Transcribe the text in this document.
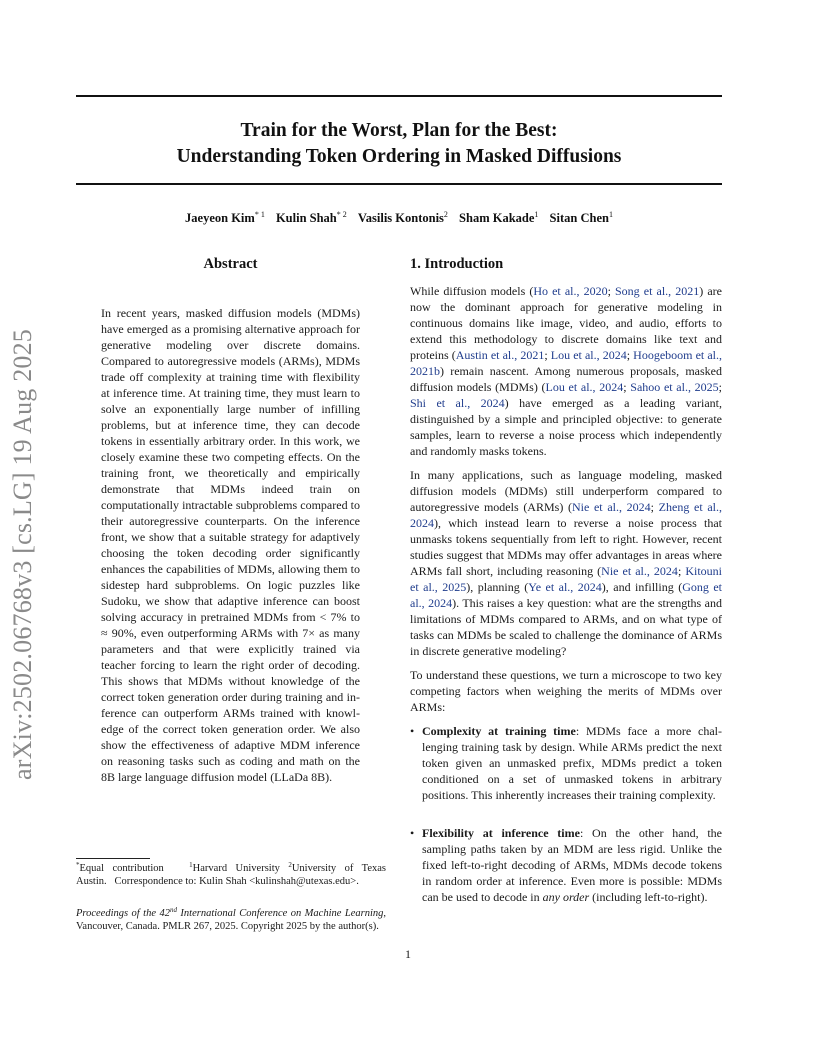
arXiv:2502.06768v3 [cs.LG] 19 Aug 2025
Train for the Worst, Plan for the Best:
Understanding Token Ordering in Masked Diffusions
Jaeyeon Kim$^{* 1}$ Kulin Shah$^{* 2}$ Vasilis Kontonis$^2$ Sham Kakade$^1$ Sitan Chen$^1$
Abstract
In recent years, masked diffusion models (MDMs) have emerged as a promising alternative approach for generative modeling over discrete domains. Compared to autoregressive models (ARMs), MDMs trade off complexity at training time with flexibility at inference time. At training time, they must learn to solve an exponentially large number of infilling problems, but at inference time, they can decode tokens in essentially arbitrary order. In this work, we closely examine these two competing effects. On the training front, we theoretically and empirically demonstrate that MDMs indeed train on computationally intractable subproblems compared to their autoregressive counterparts. On the inference front, we show that a suitable strategy for adaptively choosing the token decoding order significantly enhances the capabilities of MDMs, allowing them to sidestep hard subproblems. On logic puzzles like Sudoku, we show that adaptive inference can boost solving accuracy in pretrained MDMs from < 7% to ≈ 90%, even outperforming ARMs with 7× as many parameters and that were explicitly trained via teacher forcing to learn the right order of decoding. This shows that MDMs without knowledge of the correct token generation order during training and inference can outperform ARMs trained with knowledge of the correct token generation order. We also show the effectiveness of adaptive MDM inference on reasoning tasks such as coding and math on the 8B large language diffusion model (LLaDa 8B).
1. Introduction

While diffusion models (Ho et al., 2020; Song et al., 2021) are now the dominant approach for generative modeling in continuous domains like image, video, and audio, efforts to extend this methodology to discrete domains like text and proteins (Austin et al., 2021; Lou et al., 2024; Hoogeboom et al., 2021b) remain nascent. Among numerous proposals, masked diffusion models (MDMs) (Lou et al., 2024; Sahoo et al., 2025; Shi et al., 2024) have emerged as a leading variant, distinguished by a simple and principled objective: to generate samples, learn to reverse a noise process which independently and randomly masks tokens.

In many applications, such as language modeling, masked diffusion models (MDMs) still underperform compared to autoregressive models (ARMs) (Nie et al., 2024; Zheng et al., 2024), which instead learn to reverse a noise process that unmasks tokens sequentially from left to right. However, recent studies suggest that MDMs may offer advantages in areas where ARMs fall short, including reasoning (Nie et al., 2024; Kitouni et al., 2025), planning (Ye et al., 2024), and infilling (Gong et al., 2024). This raises a key question: what are the strengths and limitations of MDMs compared to ARMs, and on what type of tasks can MDMs be scaled to challenge the dominance of ARMs in discrete generative modeling?

To understand these questions, we turn a microscope to two key competing factors when weighing the merits of MDMs over ARMs:

• Complexity at training time: MDMs face a more challenging training task by design. While ARMs predict the next token given an unmasked prefix, MDMs predict a token conditioned on a set of unmasked tokens in arbitrary positions. This inherently increases their training complexity.
• Flexibility at inference time: On the other hand, the sampling paths taken by an MDM are less rigid. Unlike the fixed left-to-right decoding of ARMs, MDMs decode tokens in random order at inference. Even more is possible: MDMs can be used to decode in any order (including left-to-right).
*Equal contribution	$^1$Harvard University $^2$University of Texas Austin. Correspondence to: Kulin Shah <kulinshah@utexas.edu>.
Proceedings of the 42nd International Conference on Machine Learning, Vancouver, Canada. PMLR 267, 2025. Copyright 2025 by the author(s).
1
